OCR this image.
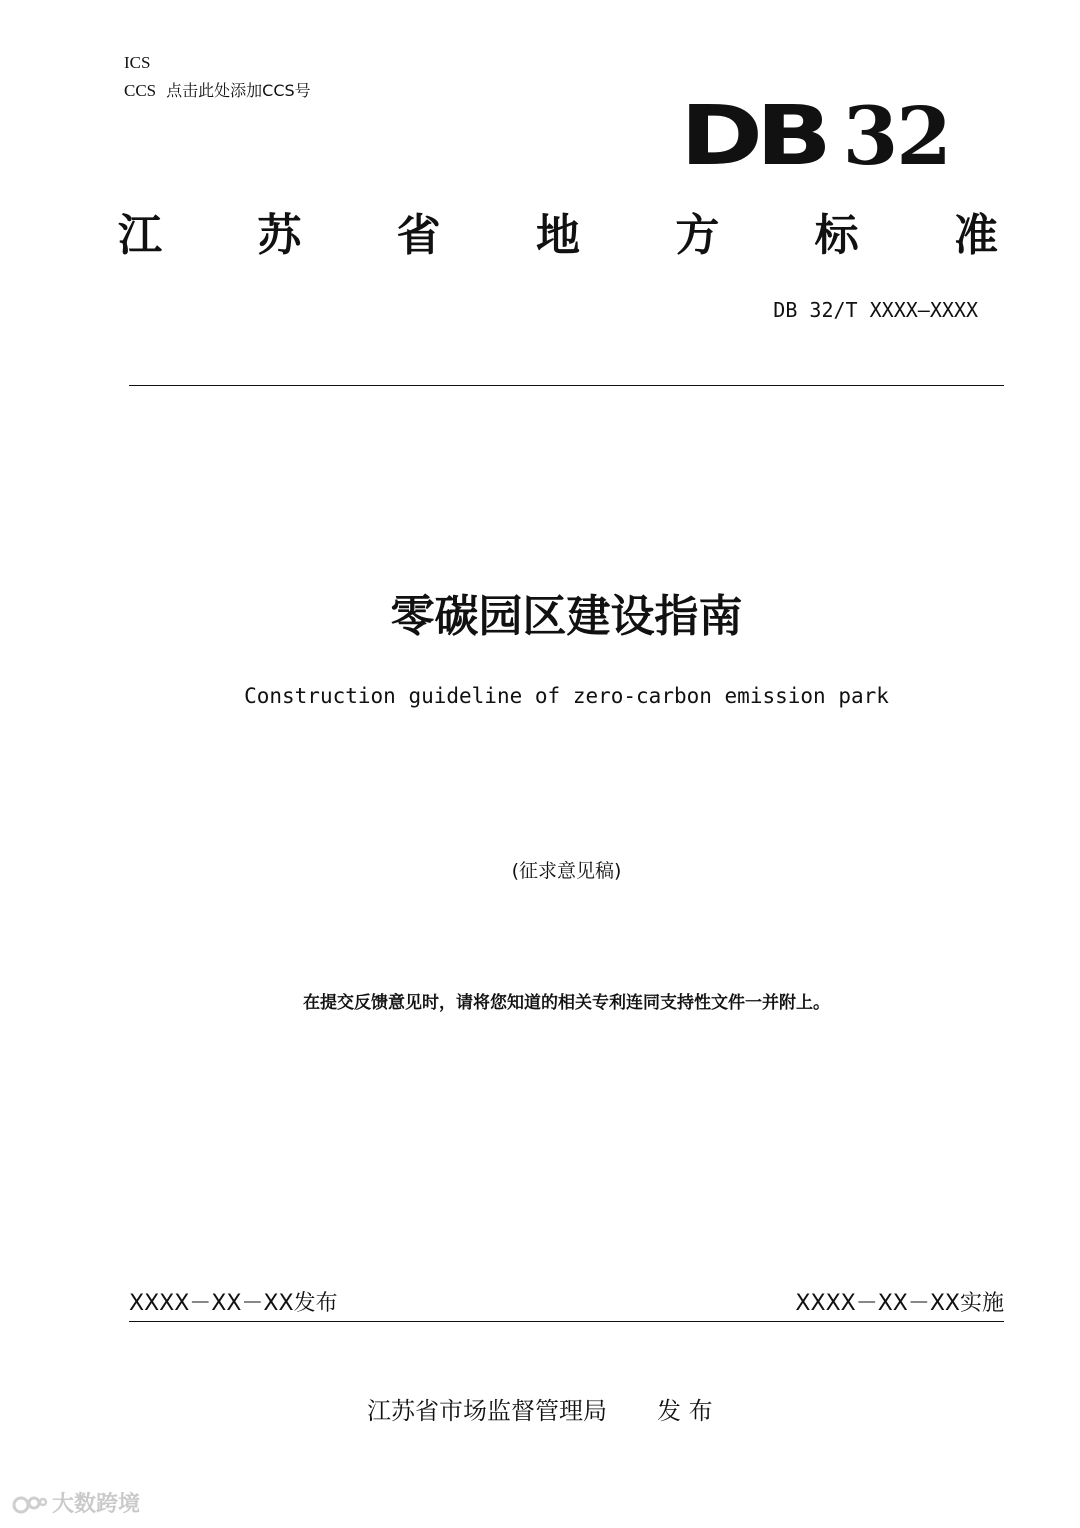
ICS
CCS 点击此处添加CCS号	DB 32
江 苏 省 地 方 标 准
DB 32/T XXXX—XXXX
零碳园区建设指南
Construction guideline of zero-carbon emission park
(征求意见稿)
在提交反馈意见时，请将您知道的相关专利连同支持性文件一并附上。
XXXX－XX－XX发布	XXXX－XX－XX实施
江苏省市场监督管理局 发 布
大数跨境
